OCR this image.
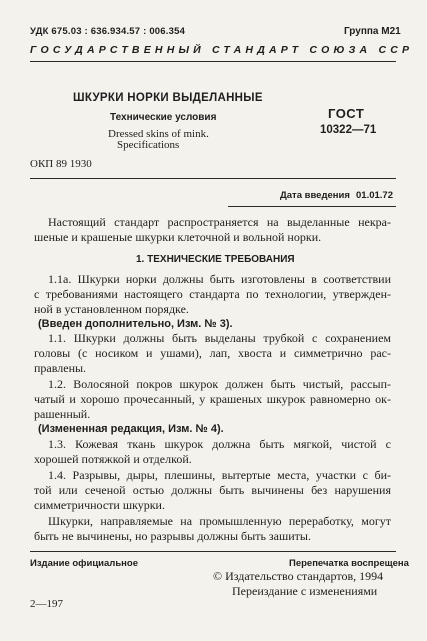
УДК 675.03 : 636.934.57 : 006.354	Группа М21
ГОСУДАРСТВЕННЫЙ СТАНДАРТ СОЮЗА ССР
ШКУРКИ НОРКИ ВЫДЕЛАННЫЕ
Технические условия
Dressed skins of mink.
Specifications
ГОСТ
10322—71
ОКП 89 1930
Дата введения 01.01.72
Настоящий стандарт распространяется на выделанные некра-
шеные и крашеные шкурки клеточной и вольной норки.
1. ТЕХНИЧЕСКИЕ ТРЕБОВАНИЯ
1.1а. Шкурки норки должны быть изготовлены в соответствии
с требованиями настоящего стандарта по технологии, утвержден-
ной в установленном порядке.
(Введен дополнительно, Изм. № 3).
1.1. Шкурки должны быть выделаны трубкой с сохранением
головы (с носиком и ушами), лап, хвоста и симметрично рас-
правлены.
1.2. Волосяной покров шкурок должен быть чистый, рассып-
чатый и хорошо прочесанный, у крашеных шкурок равномерно ок-
рашенный.
(Измененная редакция, Изм. № 4).
1.3. Кожевая ткань шкурок должна быть мягкой, чистой с
хорошей потяжкой и отделкой.
1.4. Разрывы, дыры, плешины, вытертые места, участки с би-
той или сеченой остью должны быть вычинены без нарушения
симметричности шкурки.
Шкурки, направляемые на промышленную переработку, могут
быть не вычинены, но разрывы должны быть зашиты.
Издание официальное	Перепечатка воспрещена
© Издательство стандартов, 1994
Переиздание с изменениями
2—197
